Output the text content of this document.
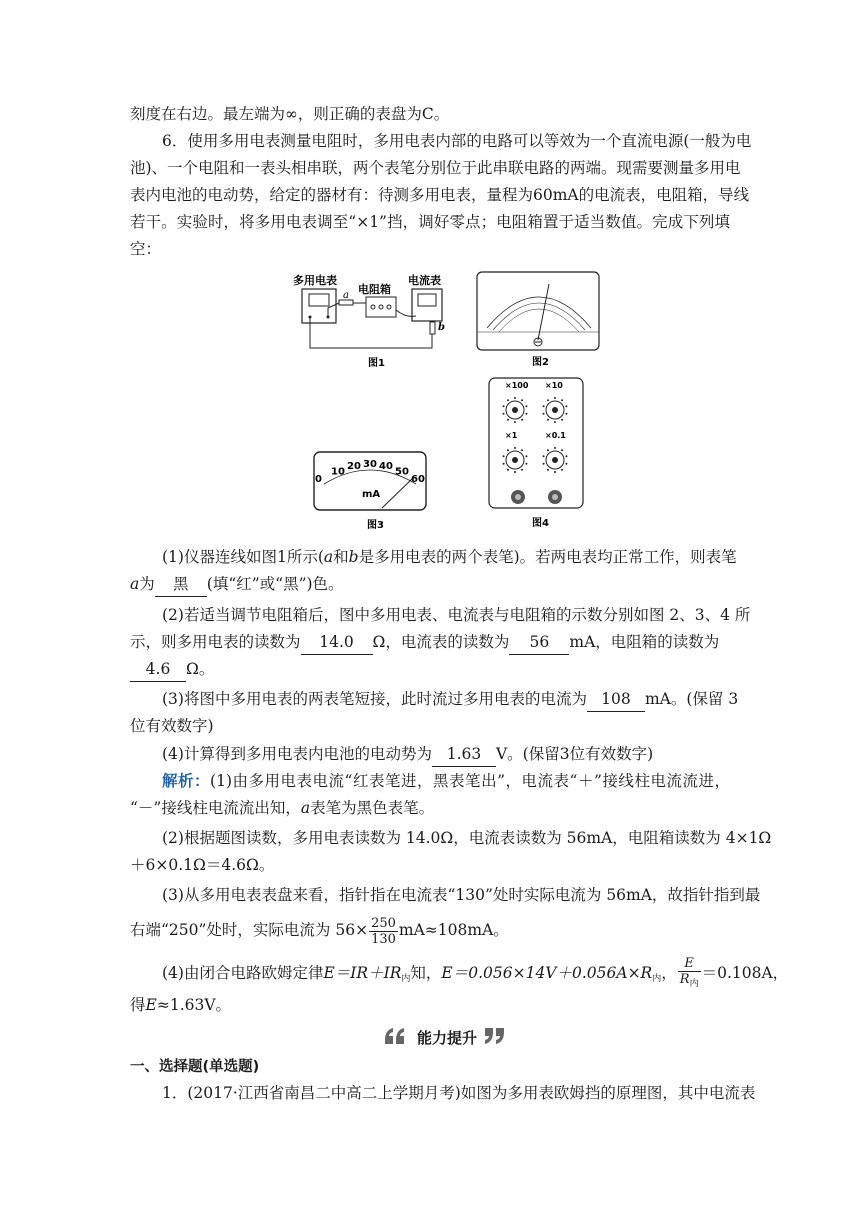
刻度在右边。最左端为∞，则正确的表盘为C。
6．使用多用电表测量电阻时，多用电表内部的电路可以等效为一个直流电源(一般为电
池)、一个电阻和一表头相串联，两个表笔分别位于此串联电路的两端。现需要测量多用电
表内电池的电动势，给定的器材有：待测多用电表，量程为60mA的电流表，电阻箱，导线
若干。实验时，将多用电表调至“×1”挡，调好零点；电阻箱置于适当数值。完成下列填
空：
多用电表	电流表
电阻箱
a
b
图1	图2
0
10 20 30 40 50
60
mA
图3
×100 ×10
×1	×0.1
图4
(1)仪器连线如图1所示(a和b是多用电表的两个表笔)。若两电表均正常工作，则表笔
a为 黑 (填“红”或“黑”)色。
(2)若适当调节电阻箱后，图中多用电表、电流表与电阻箱的示数分别如图 2、3、4 所
示，则多用电表的读数为 14.0 Ω，电流表的读数为 56 mA，电阻箱的读数为
4.6 Ω。
(3)将图中多用电表的两表笔短接，此时流过多用电表的电流为 108 mA。(保留 3
位有效数字)
(4)计算得到多用电表内电池的电动势为 1.63 V。(保留3位有效数字)
解析：(1)由多用电表电流“红表笔进，黑表笔出”，电流表“＋”接线柱电流流进，
“－”接线柱电流流出知，a表笔为黑色表笔。
(2)根据题图读数，多用电表读数为 14.0Ω，电流表读数为 56mA，电阻箱读数为 4×1Ω
＋6×0.1Ω＝4.6Ω。
(3)从多用电表表盘来看，指针指在电流表“130”处时实际电流为 56mA，故指针指到最
右端“250”处时，实际电流为 $56\times \frac{250}{130} mA\approx 108mA$。
(4)由闭合电路欧姆定律$E=IR+IR_内$知，$E=0.056\times 14V+0.056A\times R_内$， $\frac{E}{R_内} =0.108A$，
得E≈1.63V。
能力提升
一、选择题(单选题)
1．(2017·江西省南昌二中高二上学期月考)如图为多用表欧姆挡的原理图，其中电流表
